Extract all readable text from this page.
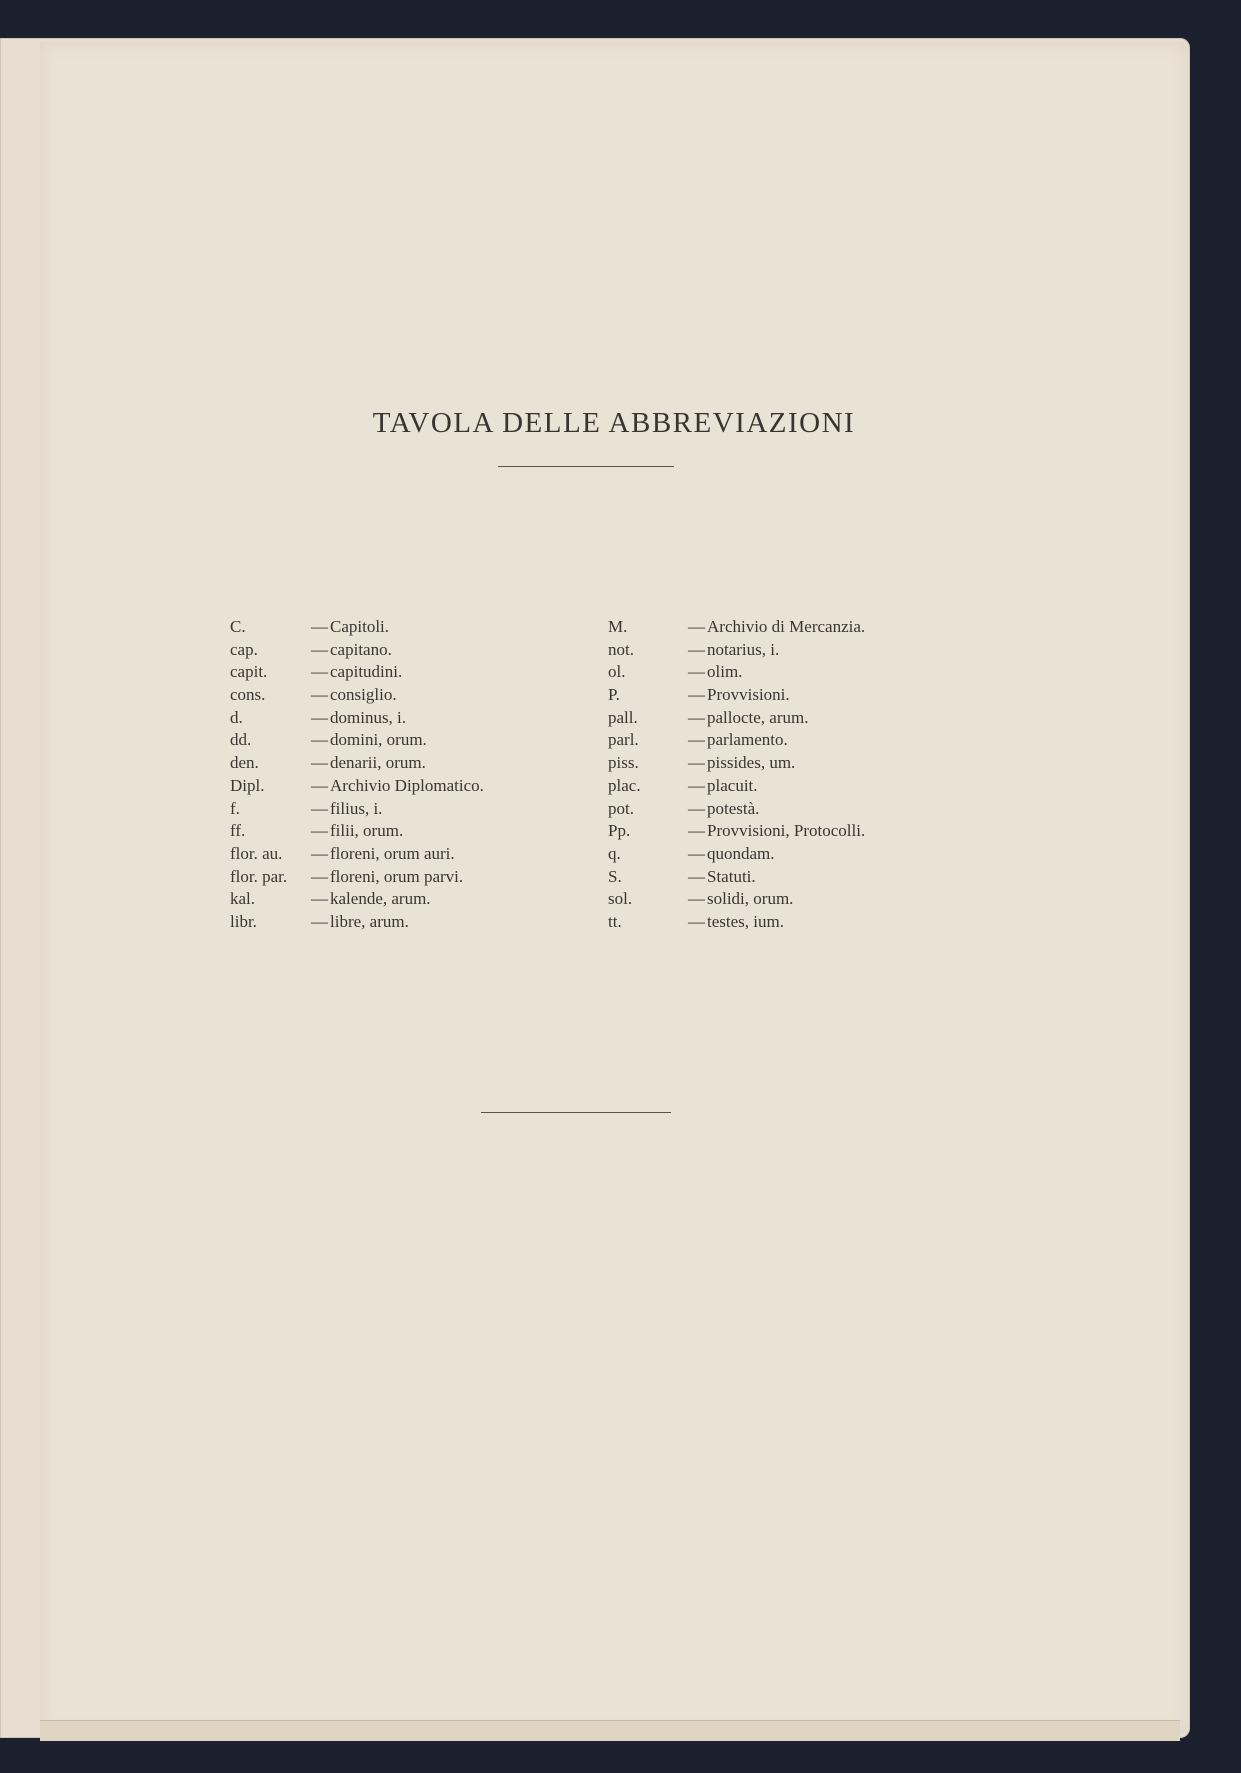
TAVOLA DELLE ABBREVIAZIONI
C.	— Capitoli.
cap.	— capitano.
capit.	— capitudini.
cons.	— consiglio.
d.	— dominus, i.
dd.	— domini, orum.
den.	— denarii, orum.
Dipl.	— Archivio Diplomatico.
f.	— filius, i.
ff.	— filii, orum.
flor. au. — floreni, orum auri.
flor. par. — floreni, orum parvi.
kal.	— kalende, arum.
libr.	— libre, arum.
M.	— Archivio di Mercanzia.
not.	— notarius, i.
ol.	— olim.
P.	— Provvisioni.
pall.	— pallocte, arum.
parl.	— parlamento.
piss.	— pissides, um.
plac.	— placuit.
pot.	— potestà.
Pp.	— Provvisioni, Protocolli.
q.	— quondam.
S.	— Statuti.
sol.	— solidi, orum.
tt.	— testes, ium.
